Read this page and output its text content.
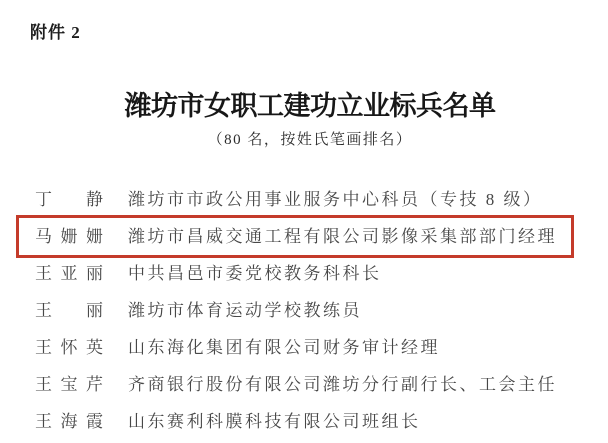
附件 2
潍坊市女职工建功立业标兵名单
（80 名，按姓氏笔画排名）
丁　静 潍坊市市政公用事业服务中心科员（专技 8 级）
马姗姗 潍坊市昌威交通工程有限公司影像采集部部门经理
王亚丽 中共昌邑市委党校教务科科长
王　丽 潍坊市体育运动学校教练员
王怀英 山东海化集团有限公司财务审计经理
王宝芹 齐商银行股份有限公司潍坊分行副行长、工会主任
王海霞 山东赛利科膜科技有限公司班组长
